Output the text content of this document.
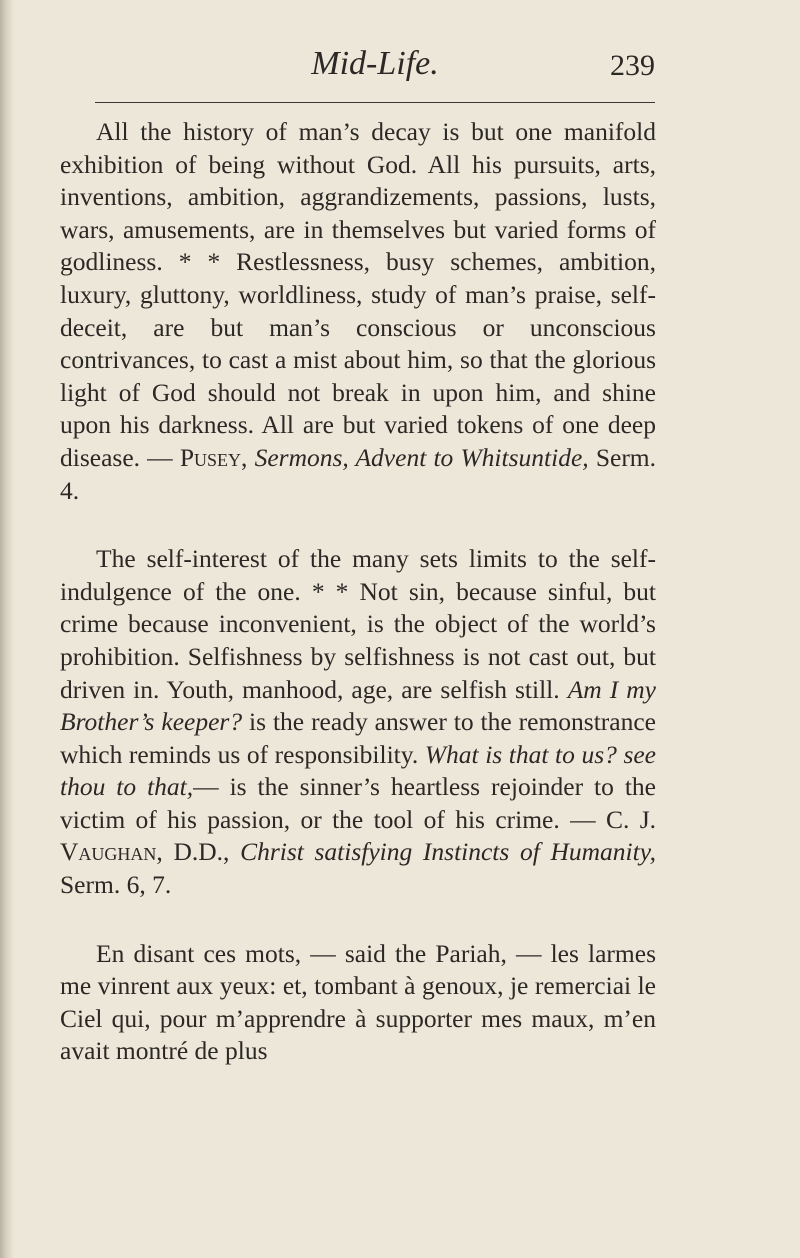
Mid-Life.	239

All the history of man’s decay is but one manifold exhibition of being without God. All his pursuits, arts, inventions, ambition, aggrandizements, passions, lusts, wars, amusements, are in themselves but varied forms of godliness. * * Restlessness, busy schemes, ambition, luxury, gluttony, worldliness, study of man’s praise, self-deceit, are but man’s conscious or unconscious contrivances, to cast a mist about him, so that the glorious light of God should not break in upon him, and shine upon his darkness. All are but varied tokens of one deep disease. — Pusey, Sermons, Advent to Whitsuntide, Serm. 4.

The self-interest of the many sets limits to the self-indulgence of the one. * * Not sin, because sinful, but crime because inconvenient, is the object of the world’s prohibition. Selfishness by selfishness is not cast out, but driven in. Youth, manhood, age, are selfish still. Am I my Brother’s keeper? is the ready answer to the remonstrance which reminds us of responsibility. What is that to us? see thou to that,— is the sinner’s heartless rejoinder to the victim of his passion, or the tool of his crime. — C. J. Vaughan, D.D., Christ satisfying Instincts of Humanity, Serm. 6, 7.

En disant ces mots, — said the Pariah, — les larmes me vinrent aux yeux: et, tombant à genoux, je remerciai le Ciel qui, pour m’apprendre à supporter mes maux, m’en avait montré de plus
